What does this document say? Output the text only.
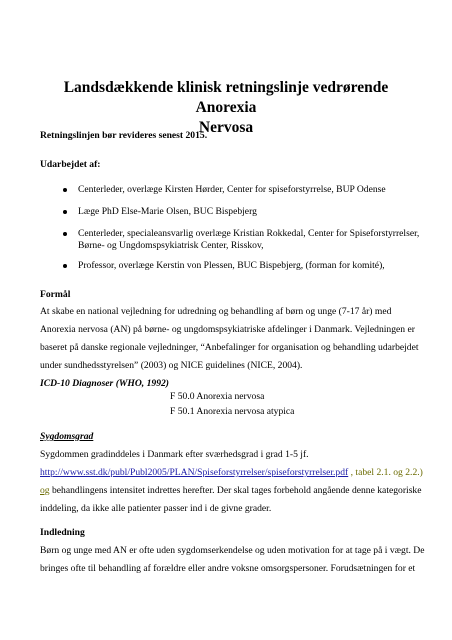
Landsdækkende klinisk retningslinje vedrørende Anorexia
Nervosa
Retningslinjen bør revideres senest 2015.
Udarbejdet af:
Centerleder, overlæge Kirsten Hørder, Center for spiseforstyrrelse, BUP Odense
Læge PhD Else-Marie Olsen, BUC Bispebjerg
Centerleder, specialeansvarlig overlæge Kristian Rokkedal, Center for Spiseforstyrrelser,
Børne- og Ungdomspsykiatrisk Center, Risskov,
Professor, overlæge Kerstin von Plessen, BUC Bispebjerg, (forman for komité),
Formål
At skabe en national vejledning for udredning og behandling af børn og unge (7-17 år) med
Anorexia nervosa (AN) på børne- og ungdomspsykiatriske afdelinger i Danmark. Vejledningen er
baseret på danske regionale vejledninger, “Anbefalinger for organisation og behandling udarbejdet
under sundhedsstyrelsen” (2003) og NICE guidelines (NICE, 2004).
ICD-10 Diagnoser (WHO, 1992)
F 50.0 Anorexia nervosa
F 50.1 Anorexia nervosa atypica
Sygdomsgrad
Sygdommen gradinddeles i Danmark efter sværhedsgrad i grad 1-5 jf.
http://www.sst.dk/publ/Publ2005/PLAN/Spiseforstyrrelser/spiseforstyrrelser.pdf , tabel 2.1. og 2.2.)
og behandlingens intensitet indrettes herefter. Der skal tages forbehold angående denne kategoriske
inddeling, da ikke alle patienter passer ind i de givne grader.
Indledning
Børn og unge med AN er ofte uden sygdomserkendelse og uden motivation for at tage på i vægt. De
bringes ofte til behandling af forældre eller andre voksne omsorgspersoner. Forudsætningen for et
